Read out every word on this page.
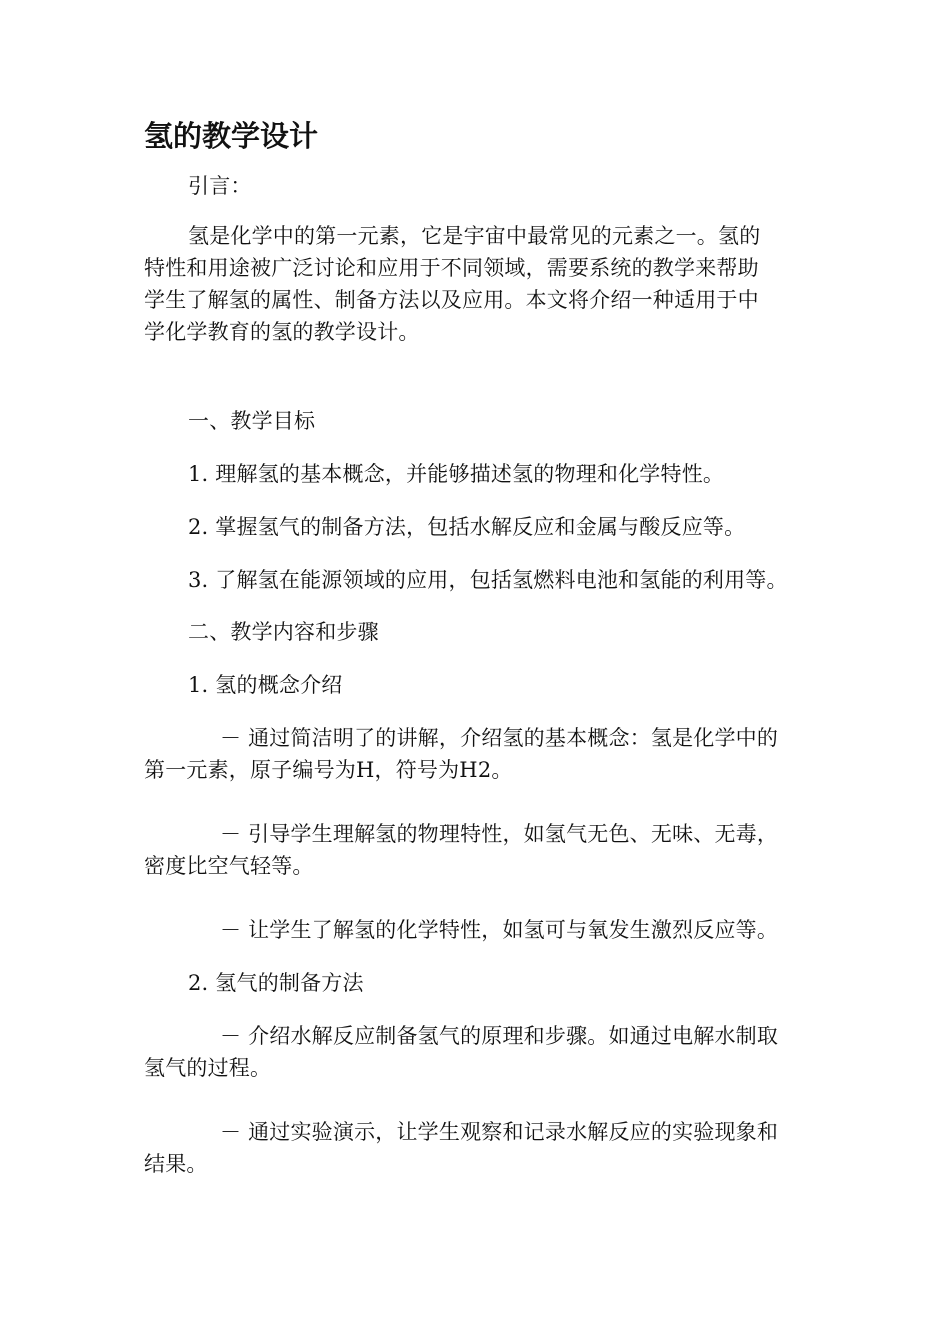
氢的教学设计

引言：

氢是化学中的第一元素，它是宇宙中最常见的元素之一。氢的
特性和用途被广泛讨论和应用于不同领域，需要系统的教学来帮助
学生了解氢的属性、制备方法以及应用。本文将介绍一种适用于中
学化学教育的氢的教学设计。

一、教学目标

1. 理解氢的基本概念，并能够描述氢的物理和化学特性。

2. 掌握氢气的制备方法，包括水解反应和金属与酸反应等。

3. 了解氢在能源领域的应用，包括氢燃料电池和氢能的利用等。

二、教学内容和步骤

1. 氢的概念介绍

－ 通过简洁明了的讲解，介绍氢的基本概念：氢是化学中的
第一元素，原子编号为H，符号为H2。

－ 引导学生理解氢的物理特性，如氢气无色、无味、无毒，
密度比空气轻等。

－ 让学生了解氢的化学特性，如氢可与氧发生激烈反应等。

2. 氢气的制备方法

－ 介绍水解反应制备氢气的原理和步骤。如通过电解水制取
氢气的过程。

－ 通过实验演示，让学生观察和记录水解反应的实验现象和
结果。
